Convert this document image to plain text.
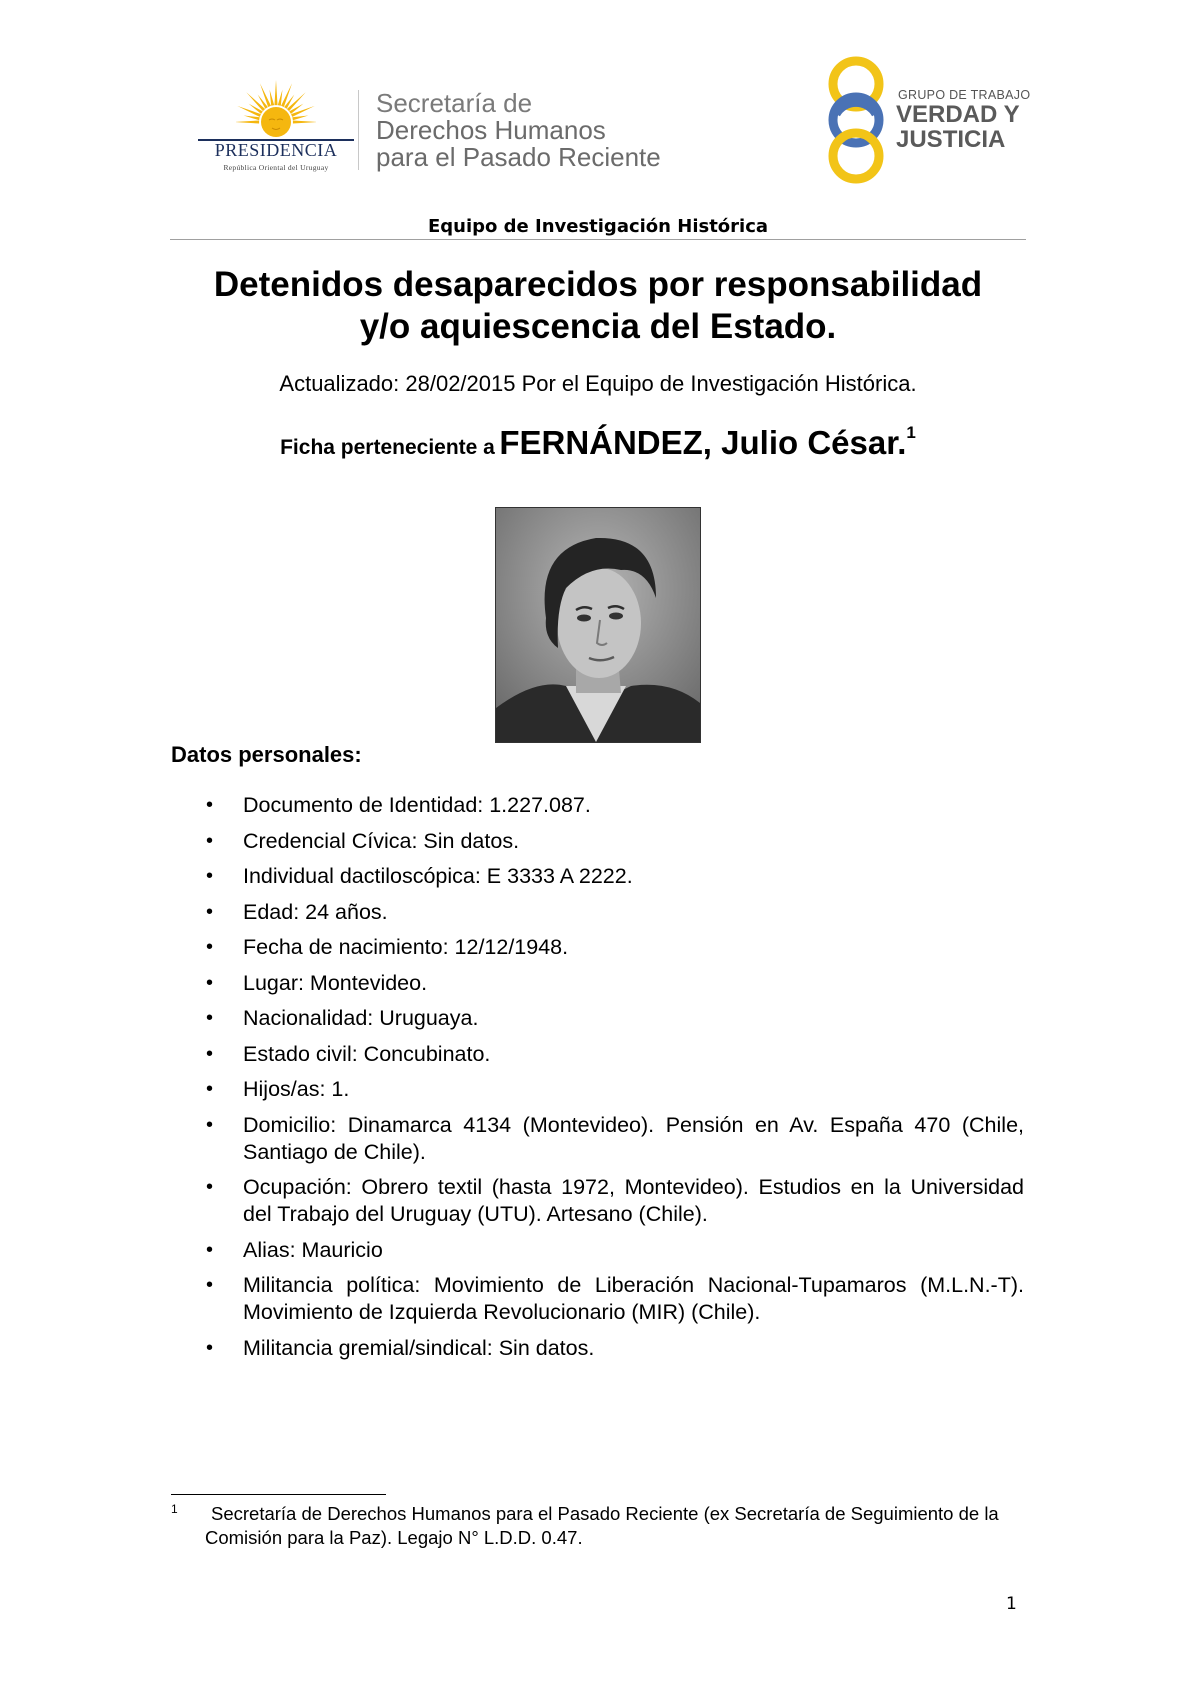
PRESIDENCIA
República Oriental del Uruguay
Secretaría de
Derechos Humanos
para el Pasado Reciente
GRUPO DE TRABAJO
VERDAD Y
JUSTICIA
Equipo de Investigación Histórica
Detenidos desaparecidos por responsabilidad
y/o aquiescencia del Estado.
Actualizado: 28/02/2015 Por el Equipo de Investigación Histórica.
Ficha perteneciente a FERNÁNDEZ, Julio César.1
Datos personales:
• Documento de Identidad: 1.227.087.
• Credencial Cívica: Sin datos.
• Individual dactiloscópica: E 3333 A 2222.
• Edad: 24 años.
• Fecha de nacimiento: 12/12/1948.
• Lugar: Montevideo.
• Nacionalidad: Uruguaya.
• Estado civil: Concubinato.
• Hijos/as: 1.
• Domicilio: Dinamarca 4134 (Montevideo). Pensión en Av. España 470 (Chile, Santiago de Chile).
• Ocupación: Obrero textil (hasta 1972, Montevideo). Estudios en la Universidad del Trabajo del Uruguay (UTU). Artesano (Chile).
• Alias: Mauricio
• Militancia política: Movimiento de Liberación Nacional-Tupamaros (M.L.N.-T). Movimiento de Izquierda Revolucionario (MIR) (Chile).
• Militancia gremial/sindical: Sin datos.
1	Secretaría de Derechos Humanos para el Pasado Reciente (ex Secretaría de Seguimiento de la Comisión para la Paz). Legajo N° L.D.D. 0.47.
1
